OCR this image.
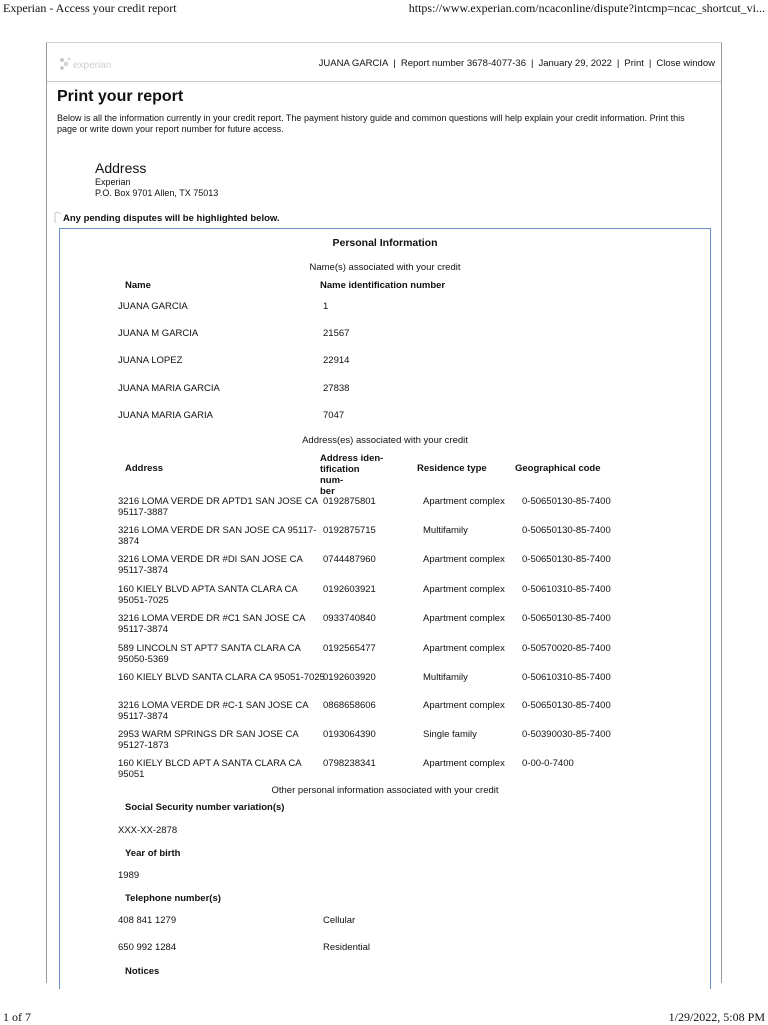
Experian - Access your credit report	https://www.experian.com/ncaconline/dispute?intcmp=ncac_shortcut_vi...
experian	JUANA GARCIA | Report number 3678-4077-36 | January 29, 2022 | Print | Close window
Print your report

Below is all the information currently in your credit report. The payment history guide and common questions will help explain your credit information. Print this page or write down your report number for future access.

Address
Experian
P.O. Box 9701 Allen, TX 75013
Any pending disputes will be highlighted below.
Personal Information
Name(s) associated with your credit
Name	Name identification number
JUANA GARCIA	1
JUANA M GARCIA	21567
JUANA LOPEZ	22914
JUANA MARIA GARCIA	27838
JUANA MARIA GARIA	7047
Address(es) associated with your credit
Address
Address iden-
tification num-
ber
Residence type	Geographical code
3216 LOMA VERDE DR APTD1 SAN JOSE CA 95117-3887
0192875801	Apartment complex 0-50650130-85-7400
3216 LOMA VERDE DR SAN JOSE CA 95117-3874
0192875715	Multifamily	0-50650130-85-7400
3216 LOMA VERDE DR #DI SAN JOSE CA 95117-3874
0744487960	Apartment complex 0-50650130-85-7400
160 KIELY BLVD APTA SANTA CLARA CA 95051-7025
0192603921	Apartment complex 0-50610310-85-7400
3216 LOMA VERDE DR #C1 SAN JOSE CA 95117-3874
0933740840	Apartment complex 0-50650130-85-7400
589 LINCOLN ST APT7 SANTA CLARA CA 95050-5369
0192565477	Apartment complex 0-50570020-85-7400
160 KIELY BLVD SANTA CLARA CA 95051-7025
0192603920	Multifamily	0-50610310-85-7400
3216 LOMA VERDE DR #C-1 SAN JOSE CA 95117-3874
0868658606	Apartment complex 0-50650130-85-7400
2953 WARM SPRINGS DR SAN JOSE CA 95127-1873
0193064390	Single family	0-50390030-85-7400
160 KIELY BLCD APT A SANTA CLARA CA 95051
0798238341	Apartment complex 0-00-0-7400
Other personal information associated with your credit
Social Security number variation(s)
XXX-XX-2878
Year of birth
1989
Telephone number(s)
408 841 1279	Cellular
650 992 1284	Residential
Notices
1 of 7	1/29/2022, 5:08 PM
